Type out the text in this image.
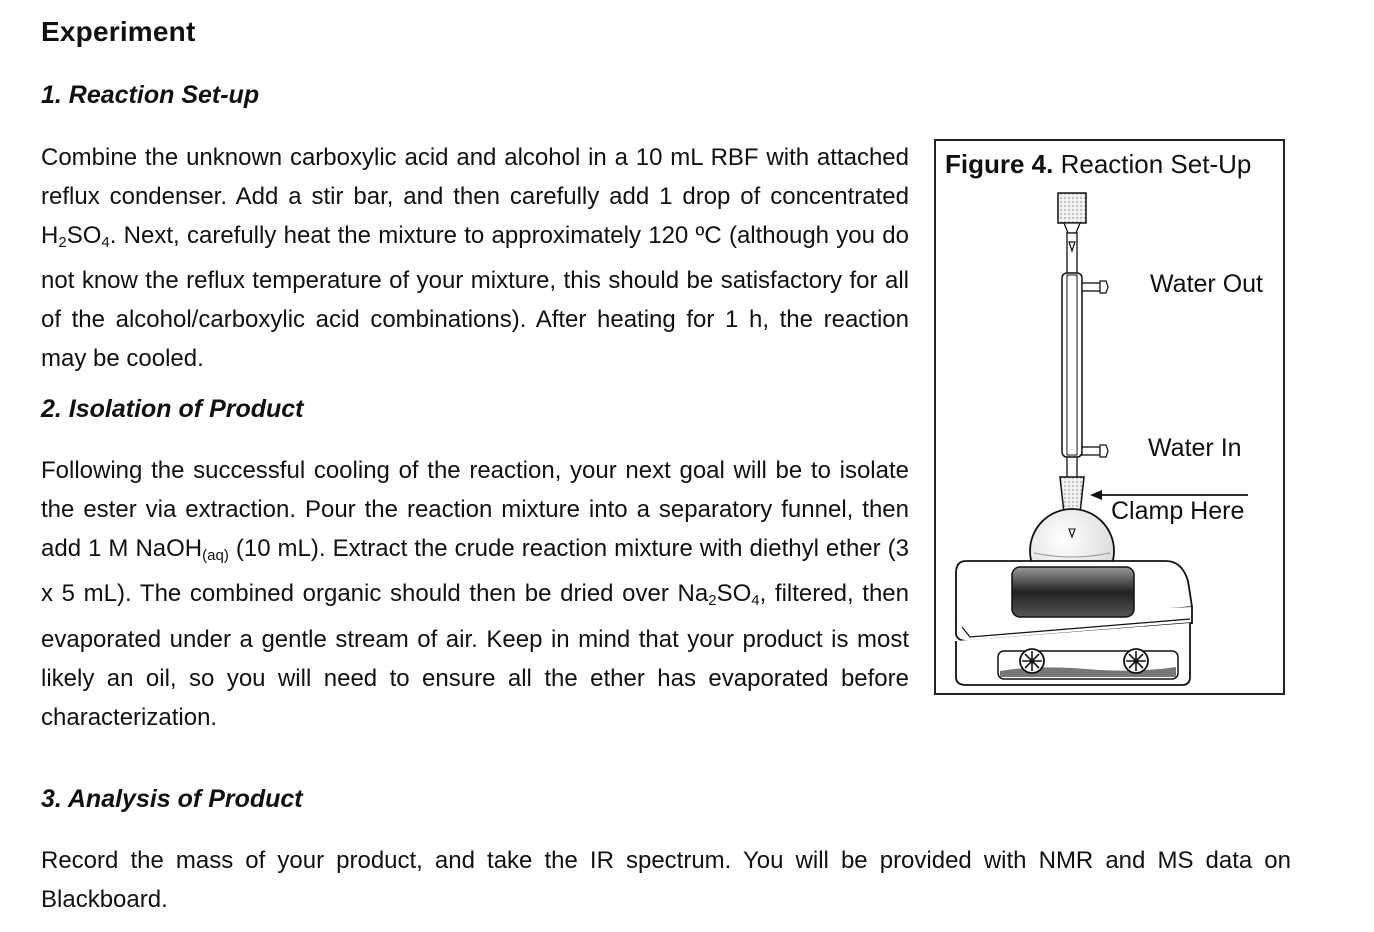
Experiment
1. Reaction Set-up
Combine the unknown carboxylic acid and alcohol in a 10 mL RBF with attached reflux condenser. Add a stir bar, and then carefully add 1 drop of concentrated $H_2SO_4$. Next, carefully heat the mixture to approximately 120 ºC (although you do not know the reflux temperature of your mixture, this should be satisfactory for all of the alcohol/carboxylic acid combinations). After heating for 1 h, the reaction may be cooled.
2. Isolation of Product
Following the successful cooling of the reaction, your next goal will be to isolate the ester via extraction. Pour the reaction mixture into a separatory funnel, then add 1 M NaOH$_{(aq)}$ (10 mL). Extract the crude reaction mixture with diethyl ether (3 x 5 mL). The combined organic should then be dried over $Na_2SO_4$, filtered, then evaporated under a gentle stream of air. Keep in mind that your product is most likely an oil, so you will need to ensure all the ether has evaporated before characterization.
3. Analysis of Product
Record the mass of your product, and take the IR spectrum. You will be provided with NMR and MS data on Blackboard.
Figure 4. Reaction Set-Up
Water Out
Water In
Clamp Here
